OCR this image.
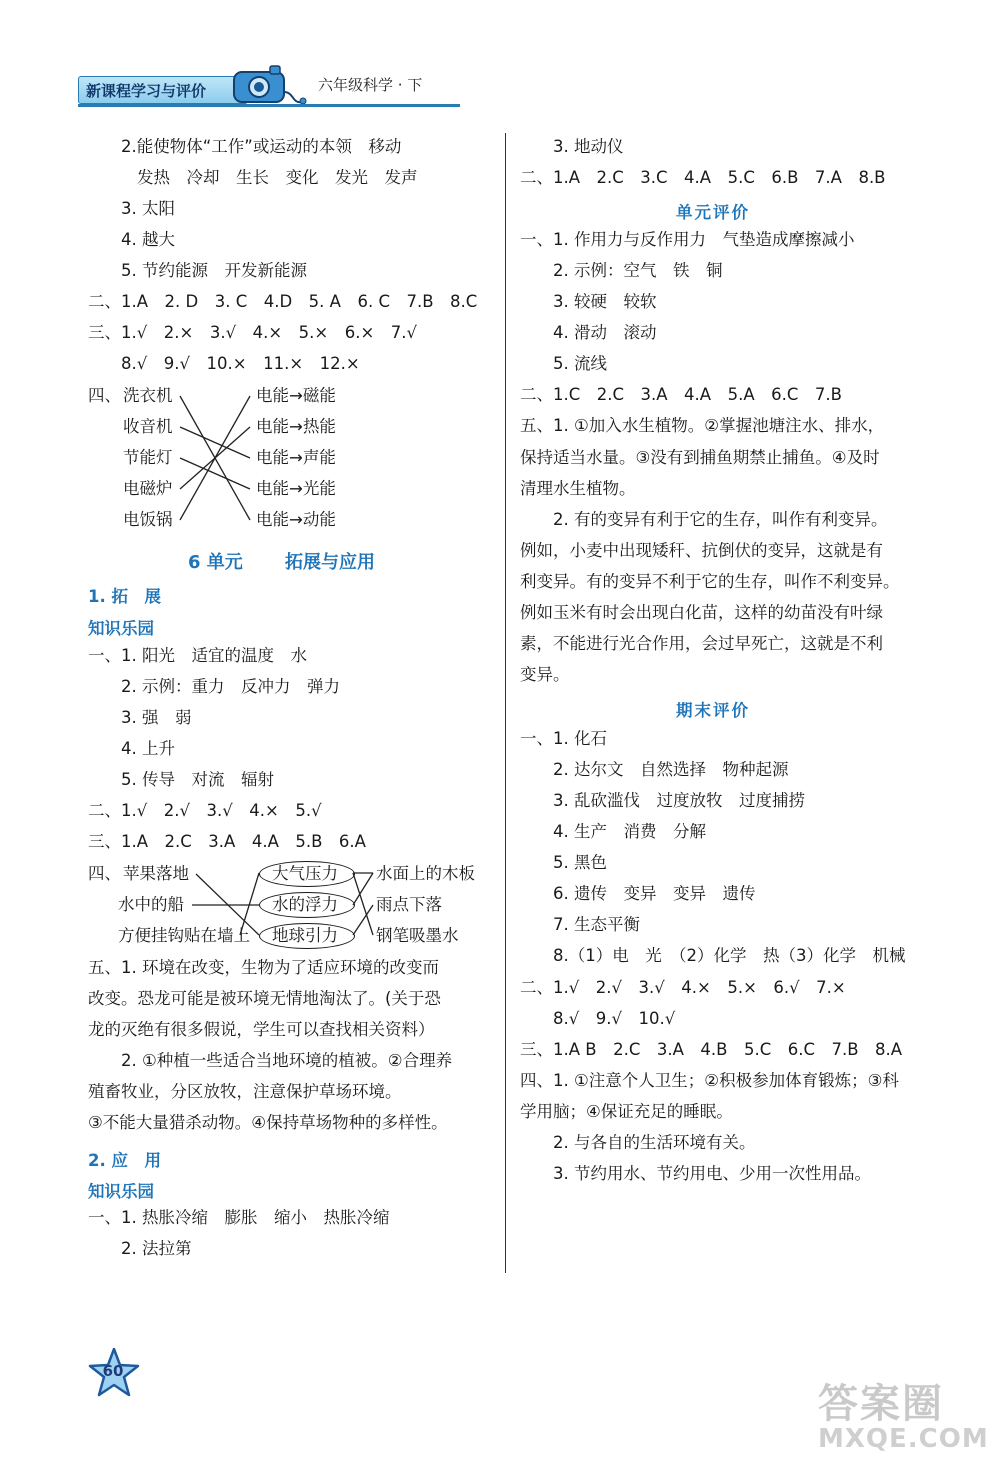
新课程学习与评价	六年级科学 · 下
2.能使物体“工作”或运动的本领　移动
发热　冷却　生长　变化　发光　发声
3. 太阳
4. 越大
5. 节约能源　开发新能源
二、1.A　2. D　3. C　4.D　5. A　6. C　7.B　8.C
三、1.√　2.×　3.√　4.×　5.×　6.×　7.√
8.√　9.√　10.×　11.×　12.×
四、 洗衣机
收音机
节能灯
电磁炉
电饭锅
电能→磁能
电能→热能
电能→声能
电能→光能
电能→动能
6 单元 拓展与应用
1. 拓　展
知识乐园
一、1. 阳光　适宜的温度　水
2. 示例：重力　反冲力　弹力
3. 强　弱
4. 上升
5. 传导　对流　辐射
二、1.√　2.√　3.√　4.×　5.√
三、1.A　2.C　3.A　4.A　5.B　6.A
四、 苹果落地
水中的船
方便挂钩贴在墙上
大气压力
水的浮力
地球引力
水面上的木板
雨点下落
钢笔吸墨水
五、1. 环境在改变，生物为了适应环境的改变而
改变。恐龙可能是被环境无情地淘汰了。(关于恐
龙的灭绝有很多假说，学生可以查找相关资料）
2. ①种植一些适合当地环境的植被。②合理养
殖畜牧业，分区放牧，注意保护草场环境。
③不能大量猎杀动物。④保持草场物种的多样性。
2. 应　用
知识乐园
一、1. 热胀冷缩　膨胀　缩小　热胀冷缩
2. 法拉第
3. 地动仪
二、1.A　2.C　3.C　4.A　5.C　6.B　7.A　8.B
单元评价
一、1. 作用力与反作用力　气垫造成摩擦减小
2. 示例：空气　铁　铜
3. 较硬　较软
4. 滑动　滚动
5. 流线
二、1.C　2.C　3.A　4.A　5.A　6.C　7.B
五、1. ①加入水生植物。②掌握池塘注水、排水，
保持适当水量。③没有到捕鱼期禁止捕鱼。④及时
清理水生植物。
2. 有的变异有利于它的生存，叫作有利变异。
例如，小麦中出现矮秆、抗倒伏的变异，这就是有
利变异。有的变异不利于它的生存，叫作不利变异。
例如玉米有时会出现白化苗，这样的幼苗没有叶绿
素，不能进行光合作用，会过早死亡，这就是不利
变异。
期末评价
一、1. 化石
2. 达尔文　自然选择　物种起源
3. 乱砍滥伐　过度放牧　过度捕捞
4. 生产　消费　分解
5. 黑色
6. 遗传　变异　变异　遗传
7. 生态平衡
8.（1）电　光　（2）化学　热（3）化学　机械
二、1.√　2.√　3.√　4.×　5.×　6.√　7.×
8.√　9.√　10.√
三、1.A B　2.C　3.A　4.B　5.C　6.C　7.B　8.A
四、1. ①注意个人卫生；②积极参加体育锻炼；③科
学用脑；④保证充足的睡眠。
2. 与各自的生活环境有关。
3. 节约用水、节约用电、少用一次性用品。
60
答案圈
MXQE.COM
